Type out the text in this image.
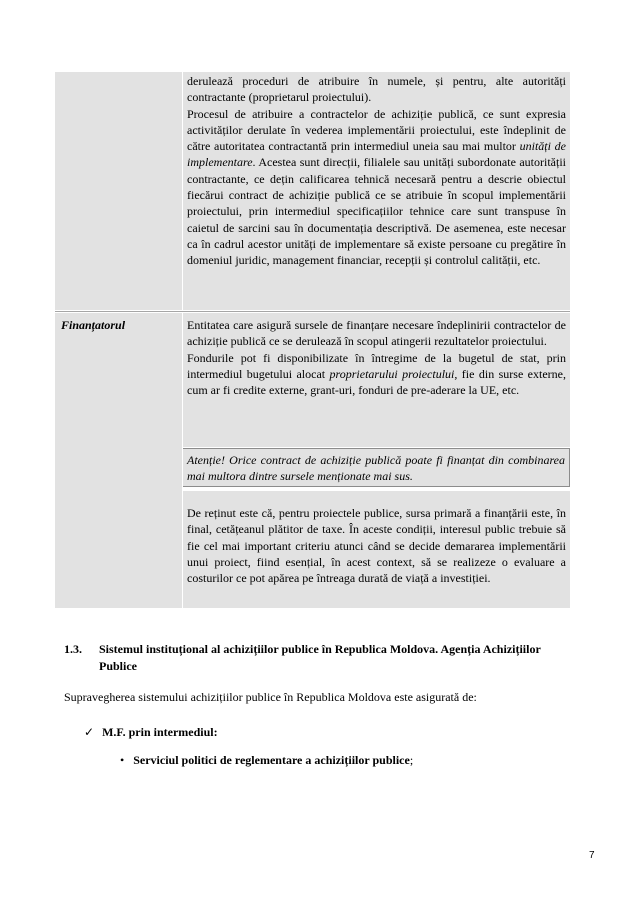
derulează proceduri de atribuire în numele, și pentru, alte autorități contractante (proprietarul proiectului).

Procesul de atribuire a contractelor de achiziție publică, ce sunt expresia activităților derulate în vederea implementării proiectului, este îndeplinit de către autoritatea contractantă prin intermediul uneia sau mai multor unități de implementare. Acestea sunt direcții, filialele sau unități subordonate autorității contractante, ce dețin calificarea tehnică necesară pentru a descrie obiectul fiecărui contract de achiziție publică ce se atribuie în scopul implementării proiectului, prin intermediul specificațiilor tehnice care sunt transpuse în caietul de sarcini sau în documentația descriptivă. De asemenea, este necesar ca în cadrul acestor unități de implementare să existe persoane cu pregătire în domeniul juridic, management financiar, recepții și controlul calității, etc.

Finanțatorul	Entitatea care asigură sursele de finanțare necesare îndeplinirii contractelor de achiziție publică ce se derulează în scopul atingerii rezultatelor proiectului.

Fondurile pot fi disponibilizate în întregime de la bugetul de stat, prin intermediul bugetului alocat proprietarului proiectului, fie din surse externe, cum ar fi credite externe, grant-uri, fonduri de pre-aderare la UE, etc.

Atenție! Orice contract de achiziție publică poate fi finanțat din combinarea mai multora dintre sursele menționate mai sus.

De reținut este că, pentru proiectele publice, sursa primară a finanțării este, în final, cetățeanul plătitor de taxe. În aceste condiții, interesul public trebuie să fie cel mai important criteriu atunci când se decide demararea implementării unui proiect, fiind esențial, în acest context, să se realizeze o evaluare a costurilor ce pot apărea pe întreaga durată de viață a investiției.

1.3. Sistemul instituțional al achizițiilor publice în Republica Moldova. Agenția Achizițiilor Publice
Supravegherea sistemului achizițiilor publice în Republica Moldova este asigurată de:
✓ M.F. prin intermediul:
• Serviciul politici de reglementare a achizițiilor publice;
7
